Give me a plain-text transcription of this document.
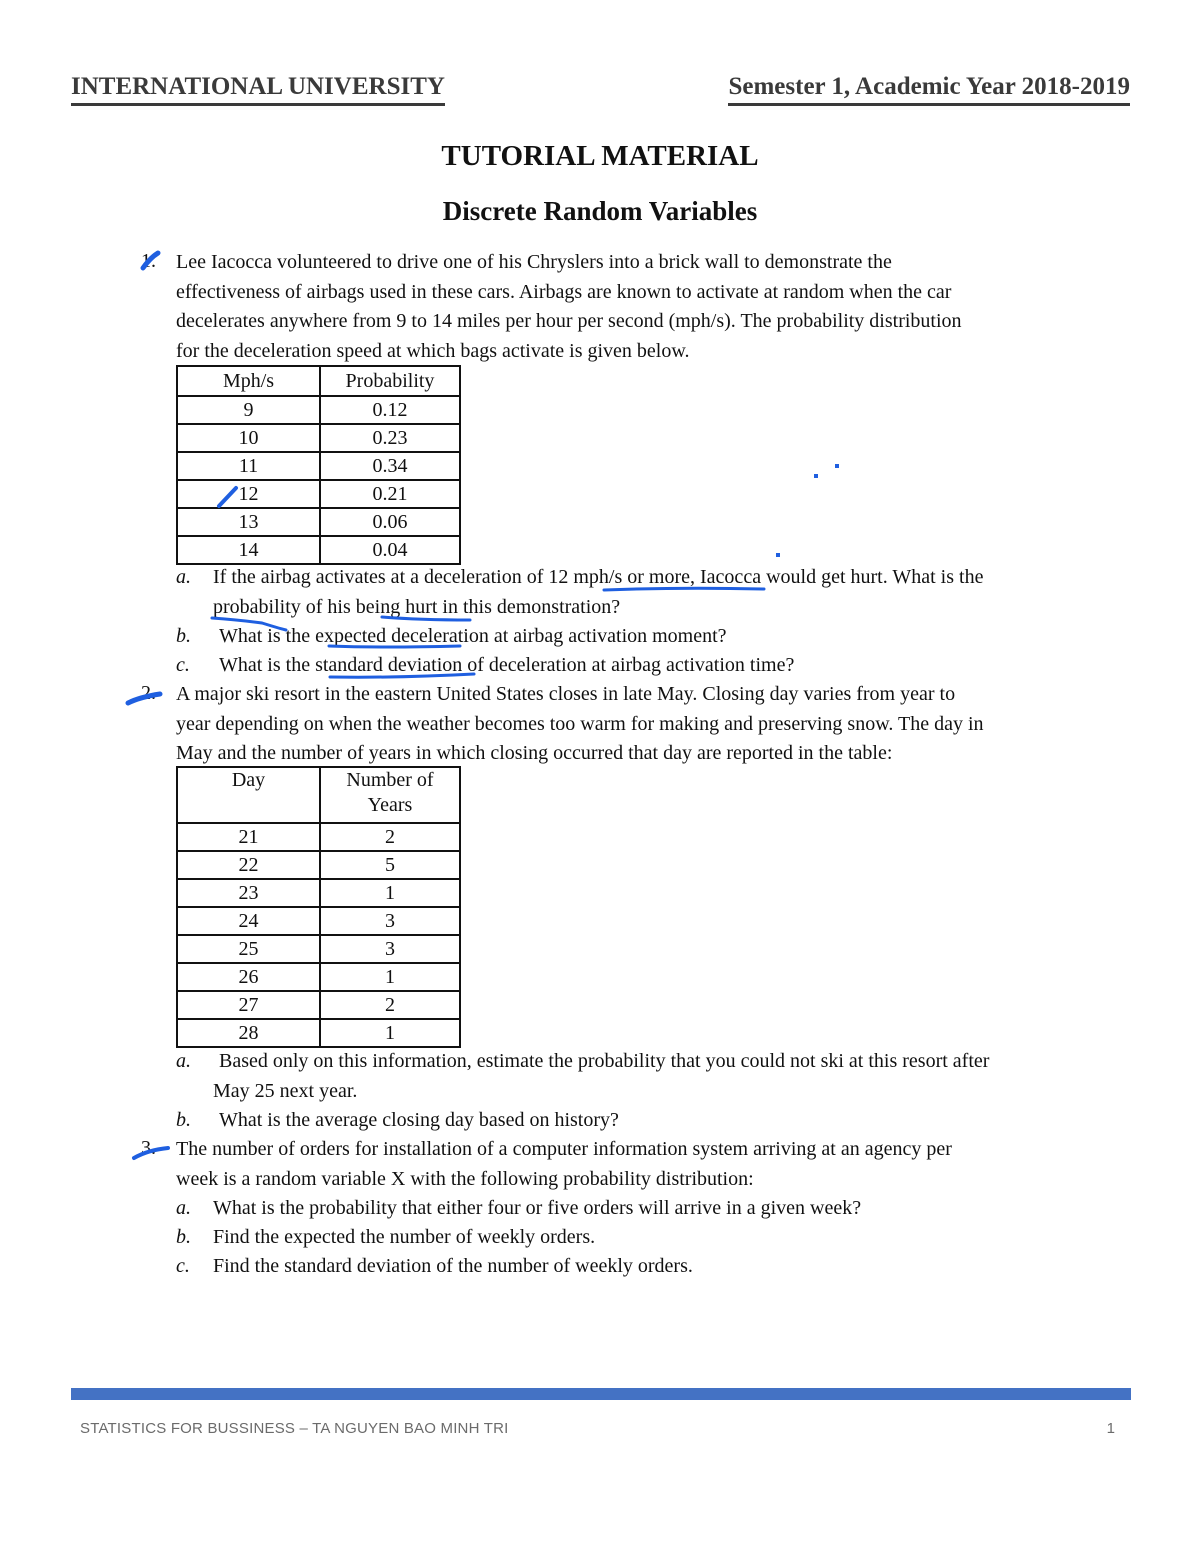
INTERNATIONAL UNIVERSITY	Semester 1, Academic Year 2018-2019
TUTORIAL MATERIAL
Discrete Random Variables
1. Lee Iacocca volunteered to drive one of his Chryslers into a brick wall to demonstrate the
effectiveness of airbags used in these cars. Airbags are known to activate at random when the car
decelerates anywhere from 9 to 14 miles per hour per second (mph/s). The probability distribution
for the deceleration speed at which bags activate is given below.
Mph/s	Probability
9	0.12
10	0.23
11	0.34
12	0.21
13	0.06
14	0.04
a.	If the airbag activates at a deceleration of 12 mph/s or more, Iacocca would get hurt. What is the
probability of his being hurt in this demonstration?
b.	What is the expected deceleration at airbag activation moment?
c.	What is the standard deviation of deceleration at airbag activation time?
2. A major ski resort in the eastern United States closes in late May. Closing day varies from year to
year depending on when the weather becomes too warm for making and preserving snow. The day in
May and the number of years in which closing occurred that day are reported in the table:
Day	Number of
Years

21	2
22	5
23	1
24	3
25	3
26	1
27	2
28	1
a.	Based only on this information, estimate the probability that you could not ski at this resort after
May 25 next year.
b.	What is the average closing day based on history?
3. The number of orders for installation of a computer information system arriving at an agency per
week is a random variable X with the following probability distribution:
a.	What is the probability that either four or five orders will arrive in a given week?
b.	Find the expected the number of weekly orders.
c.	Find the standard deviation of the number of weekly orders.
STATISTICS FOR BUSSINESS – TA NGUYEN BAO MINH TRI	1
